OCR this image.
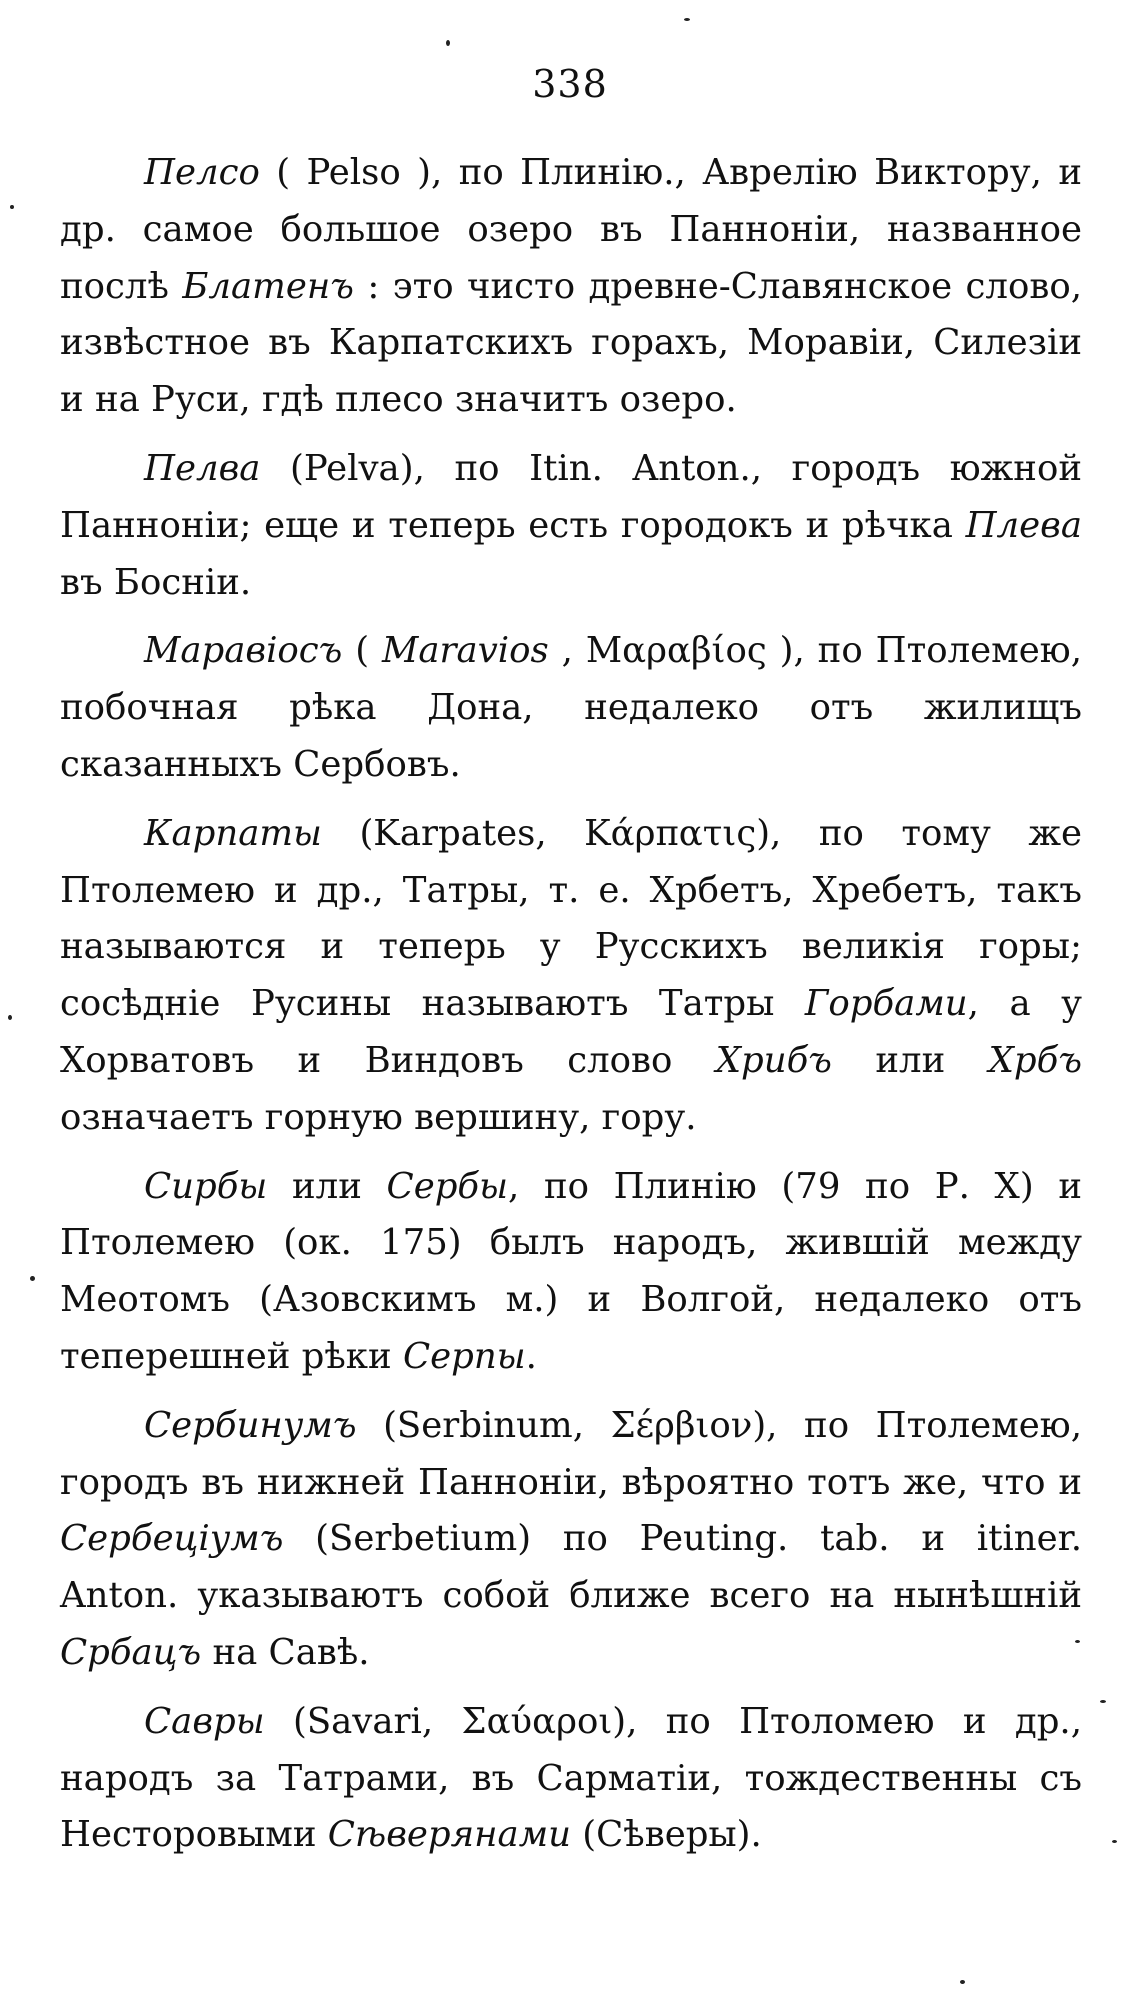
338

Пелсо ( Pelso ), по Плинію., Аврелію Виктору, и др. самое большое озеро въ Панноніи, названное послѣ Блатенъ : это чисто древне-Славянское слово, извѣстное въ Карпатскихъ горахъ, Моравіи, Силезіи и на Руси, гдѣ плесо значитъ озеро.

Пелва (Pelva), по Itin. Anton., городъ южной Панноніи; еще и теперь есть городокъ и рѣчка Плева въ Босніи.

Маравіосъ ( Maravios , Μαραβίος ), по Птолемею, побочная рѣка Дона, недалеко отъ жилищъ сказанныхъ Сербовъ.

Карпаты (Karpates, Κάρπατις), по тому же Птолемею и др., Татры, т. е. Хрбетъ, Хребетъ, такъ называются и теперь у Русскихъ великія горы; сосѣдніе Русины называютъ Татры Горбами, а у Хорватовъ и Виндовъ слово Хрибъ или Хрбъ означаетъ горную вершину, гору.

Сирбы или Сербы, по Плинію (79 по Р. Х) и Птолемею (ок. 175) былъ народъ, жившій между Меотомъ (Азовскимъ м.) и Волгой, недалеко отъ теперешней рѣки Серпы.

Сербинумъ (Serbinum, Σέρβιον), по Птолемею, городъ въ нижней Панноніи, вѣроятно тотъ же, что и Сербеціумъ (Serbetium) по Peuting. tab. и itiner. Anton. указываютъ собой ближе всего на нынѣшній Србацъ на Савѣ.

Савры (Savari, Σαύαροι), по Птоломею и др., народъ за Татрами, въ Сарматіи, тождественны съ Несторовыми Сѣверянами (Сѣверы).
